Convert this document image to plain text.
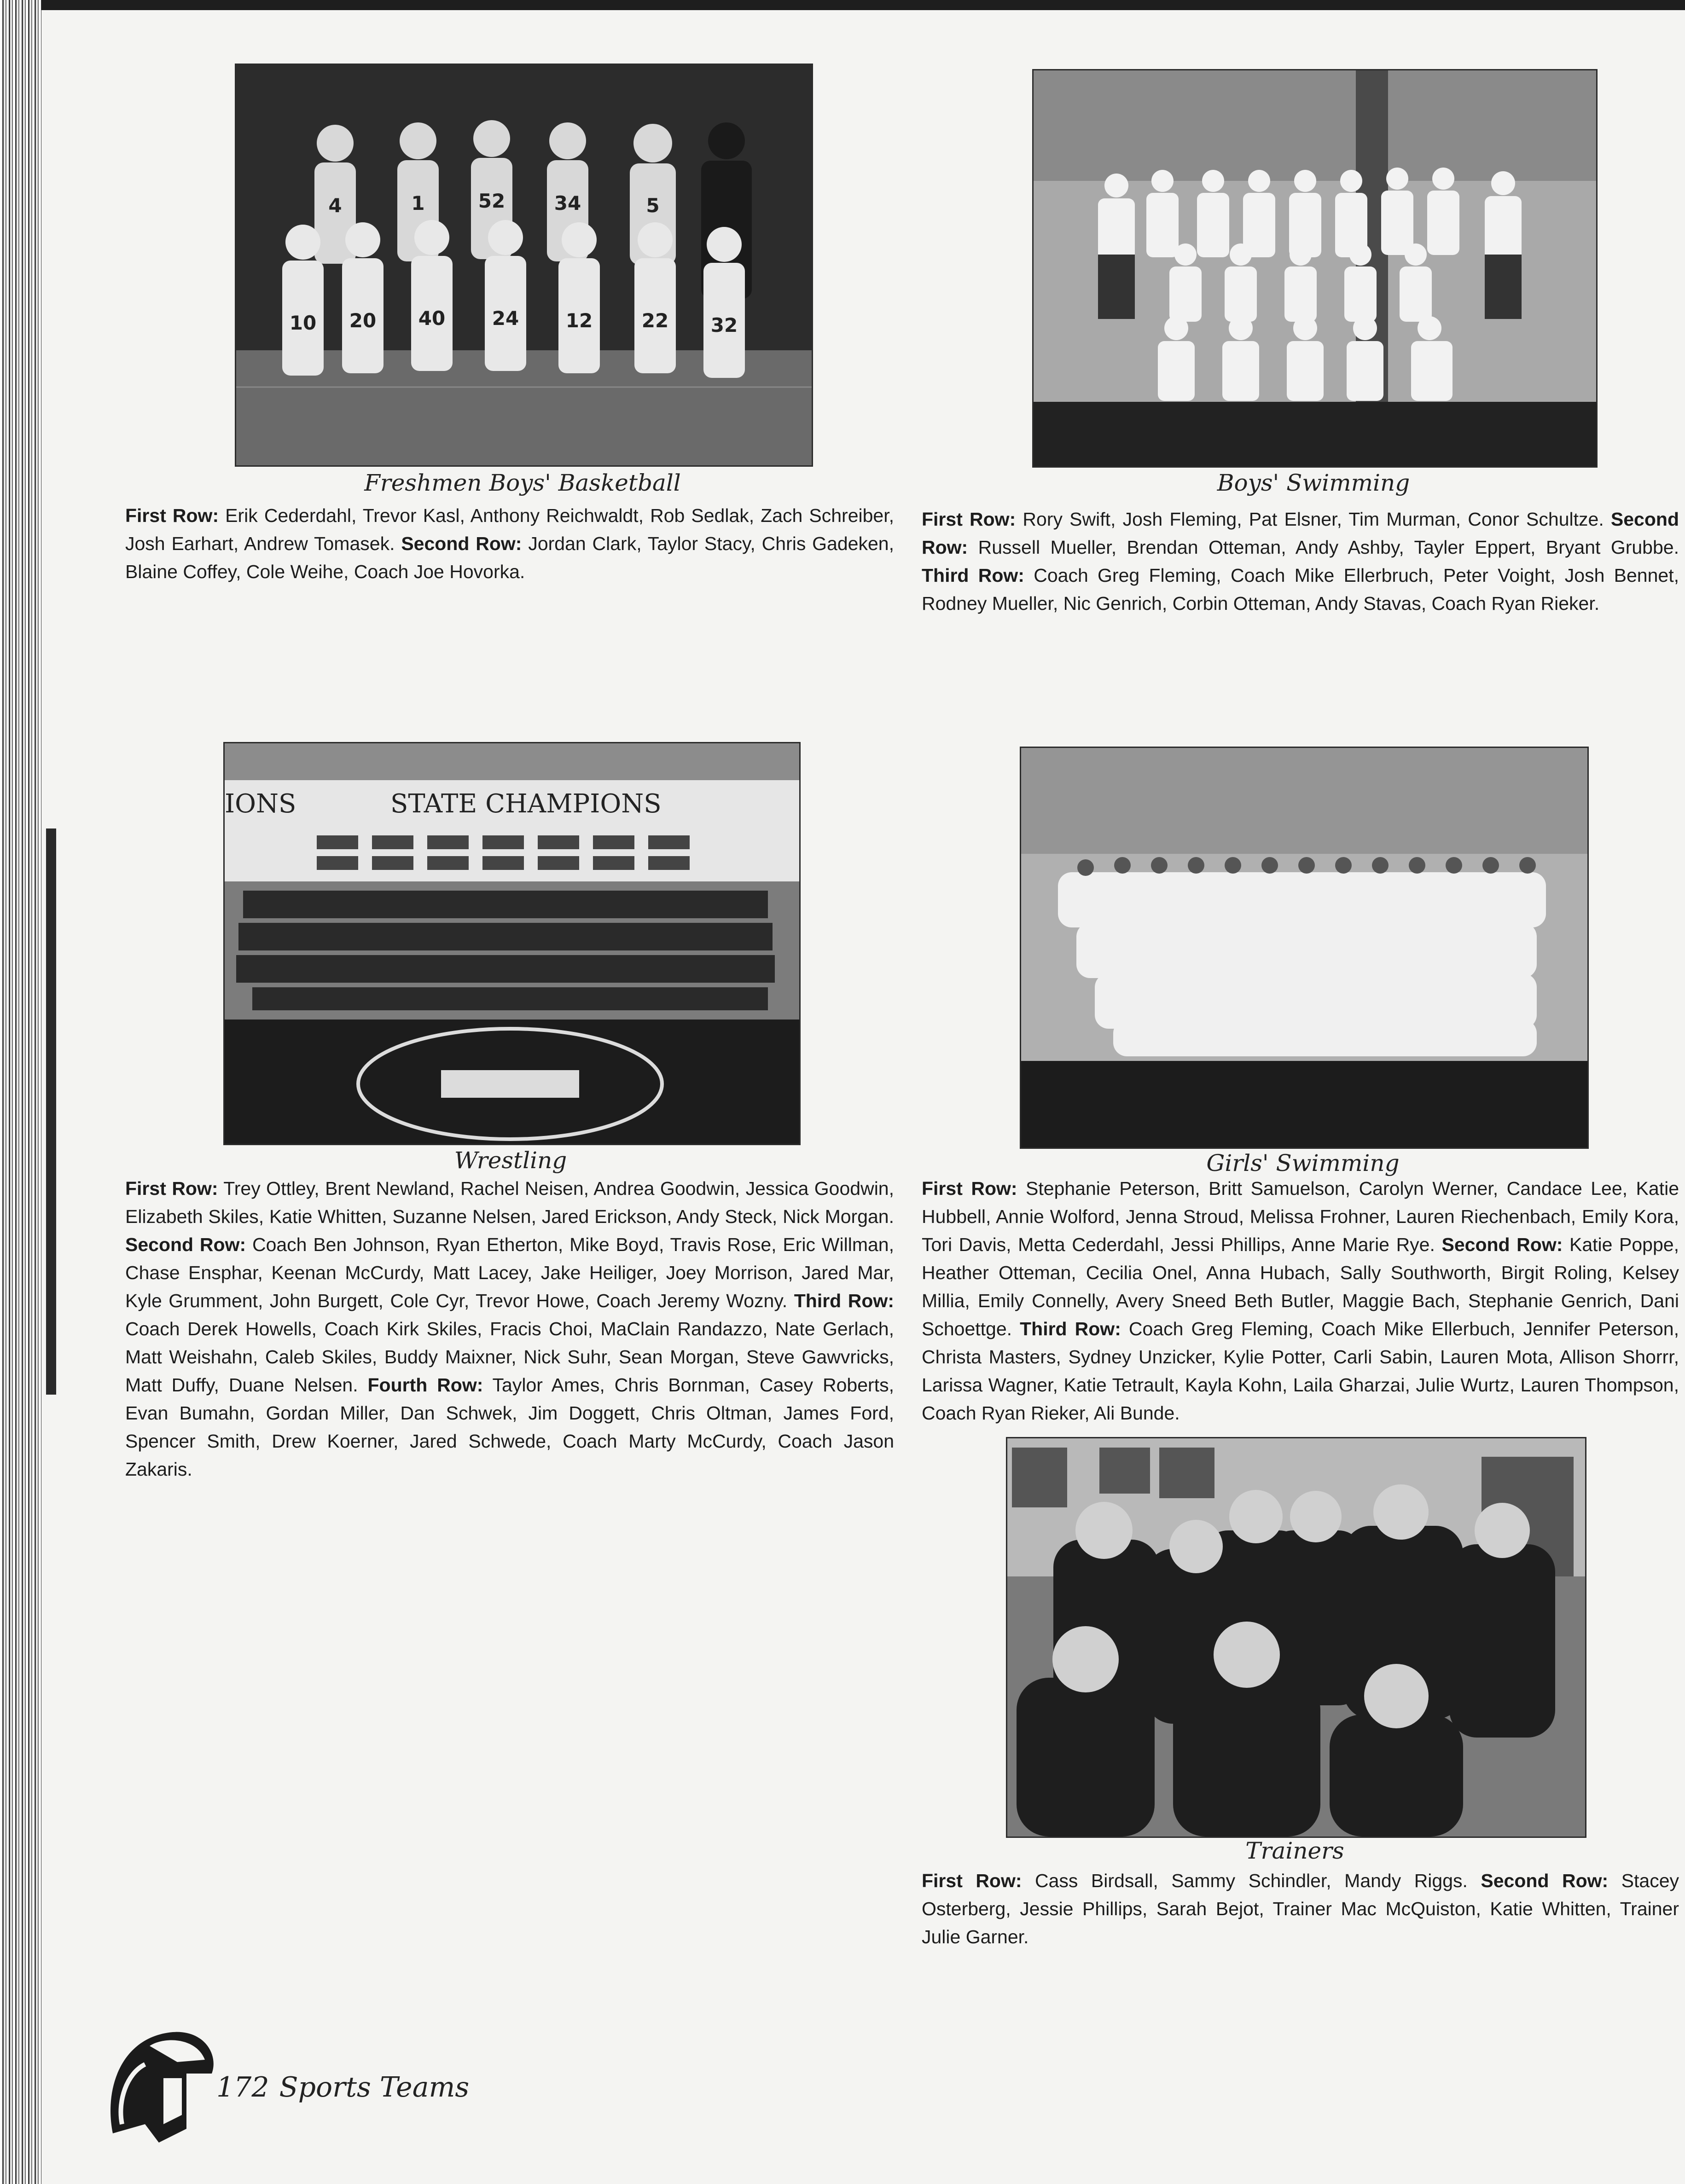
4	1	52	34	5
10 20 40 24 12	22 32

Freshmen Boys' Basketball

First Row: Erik Cederdahl, Trevor Kasl, Anthony Reichwaldt, Rob Sedlak, Zach Schreiber, Josh Earhart, Andrew Tomasek. Second Row: Jordan Clark, Taylor Stacy, Chris Gadeken, Blaine Coffey, Cole Weihe, Coach Joe Hovorka.

Boys' Swimming

First Row: Rory Swift, Josh Fleming, Pat Elsner, Tim Murman, Conor Schultze. Second Row: Russell Mueller, Brendan Otteman, Andy Ashby, Tayler Eppert, Bryant Grubbe. Third Row: Coach Greg Fleming, Coach Mike Ellerbruch, Peter Voight, Josh Bennet, Rodney Mueller, Nic Genrich, Corbin Otteman, Andy Stavas, Coach Ryan Rieker.

IONS	STATE CHAMPIONS

Wrestling

First Row: Trey Ottley, Brent Newland, Rachel Neisen, Andrea Goodwin, Jessica Goodwin, Elizabeth Skiles, Katie Whitten, Suzanne Nelsen, Jared Erickson, Andy Steck, Nick Morgan. Second Row: Coach Ben Johnson, Ryan Etherton, Mike Boyd, Travis Rose, Eric Willman, Chase Ensphar, Keenan McCurdy, Matt Lacey, Jake Heiliger, Joey Morrison, Jared Mar, Kyle Grumment, John Burgett, Cole Cyr, Trevor Howe, Coach Jeremy Wozny. Third Row: Coach Derek Howells, Coach Kirk Skiles, Fracis Choi, MaClain Randazzo, Nate Gerlach, Matt Weishahn, Caleb Skiles, Buddy Maixner, Nick Suhr, Sean Morgan, Steve Gawvricks, Matt Duffy, Duane Nelsen. Fourth Row: Taylor Ames, Chris Bornman, Casey Roberts, Evan Bumahn, Gordan Miller, Dan Schwek, Jim Doggett, Chris Oltman, James Ford, Spencer Smith, Drew Koerner, Jared Schwede, Coach Marty McCurdy, Coach Jason Zakaris.

Girls' Swimming

First Row: Stephanie Peterson, Britt Samuelson, Carolyn Werner, Candace Lee, Katie Hubbell, Annie Wolford, Jenna Stroud, Melissa Frohner, Lauren Riechenbach, Emily Kora, Tori Davis, Metta Cederdahl, Jessi Phillips, Anne Marie Rye. Second Row: Katie Poppe, Heather Otteman, Cecilia Onel, Anna Hubach, Sally Southworth, Birgit Roling, Kelsey Millia, Emily Connelly, Avery Sneed Beth Butler, Maggie Bach, Stephanie Genrich, Dani Schoettge. Third Row: Coach Greg Fleming, Coach Mike Ellerbuch, Jennifer Peterson, Christa Masters, Sydney Unzicker, Kylie Potter, Carli Sabin, Lauren Mota, Allison Shorrr, Larissa Wagner, Katie Tetrault, Kayla Kohn, Laila Gharzai, Julie Wurtz, Lauren Thompson, Coach Ryan Rieker, Ali Bunde.

Trainers

First Row: Cass Birdsall, Sammy Schindler, Mandy Riggs. Second Row: Stacey Osterberg, Jessie Phillips, Sarah Bejot, Trainer Mac McQuiston, Katie Whitten, Trainer Julie Garner.

172 Sports Teams
